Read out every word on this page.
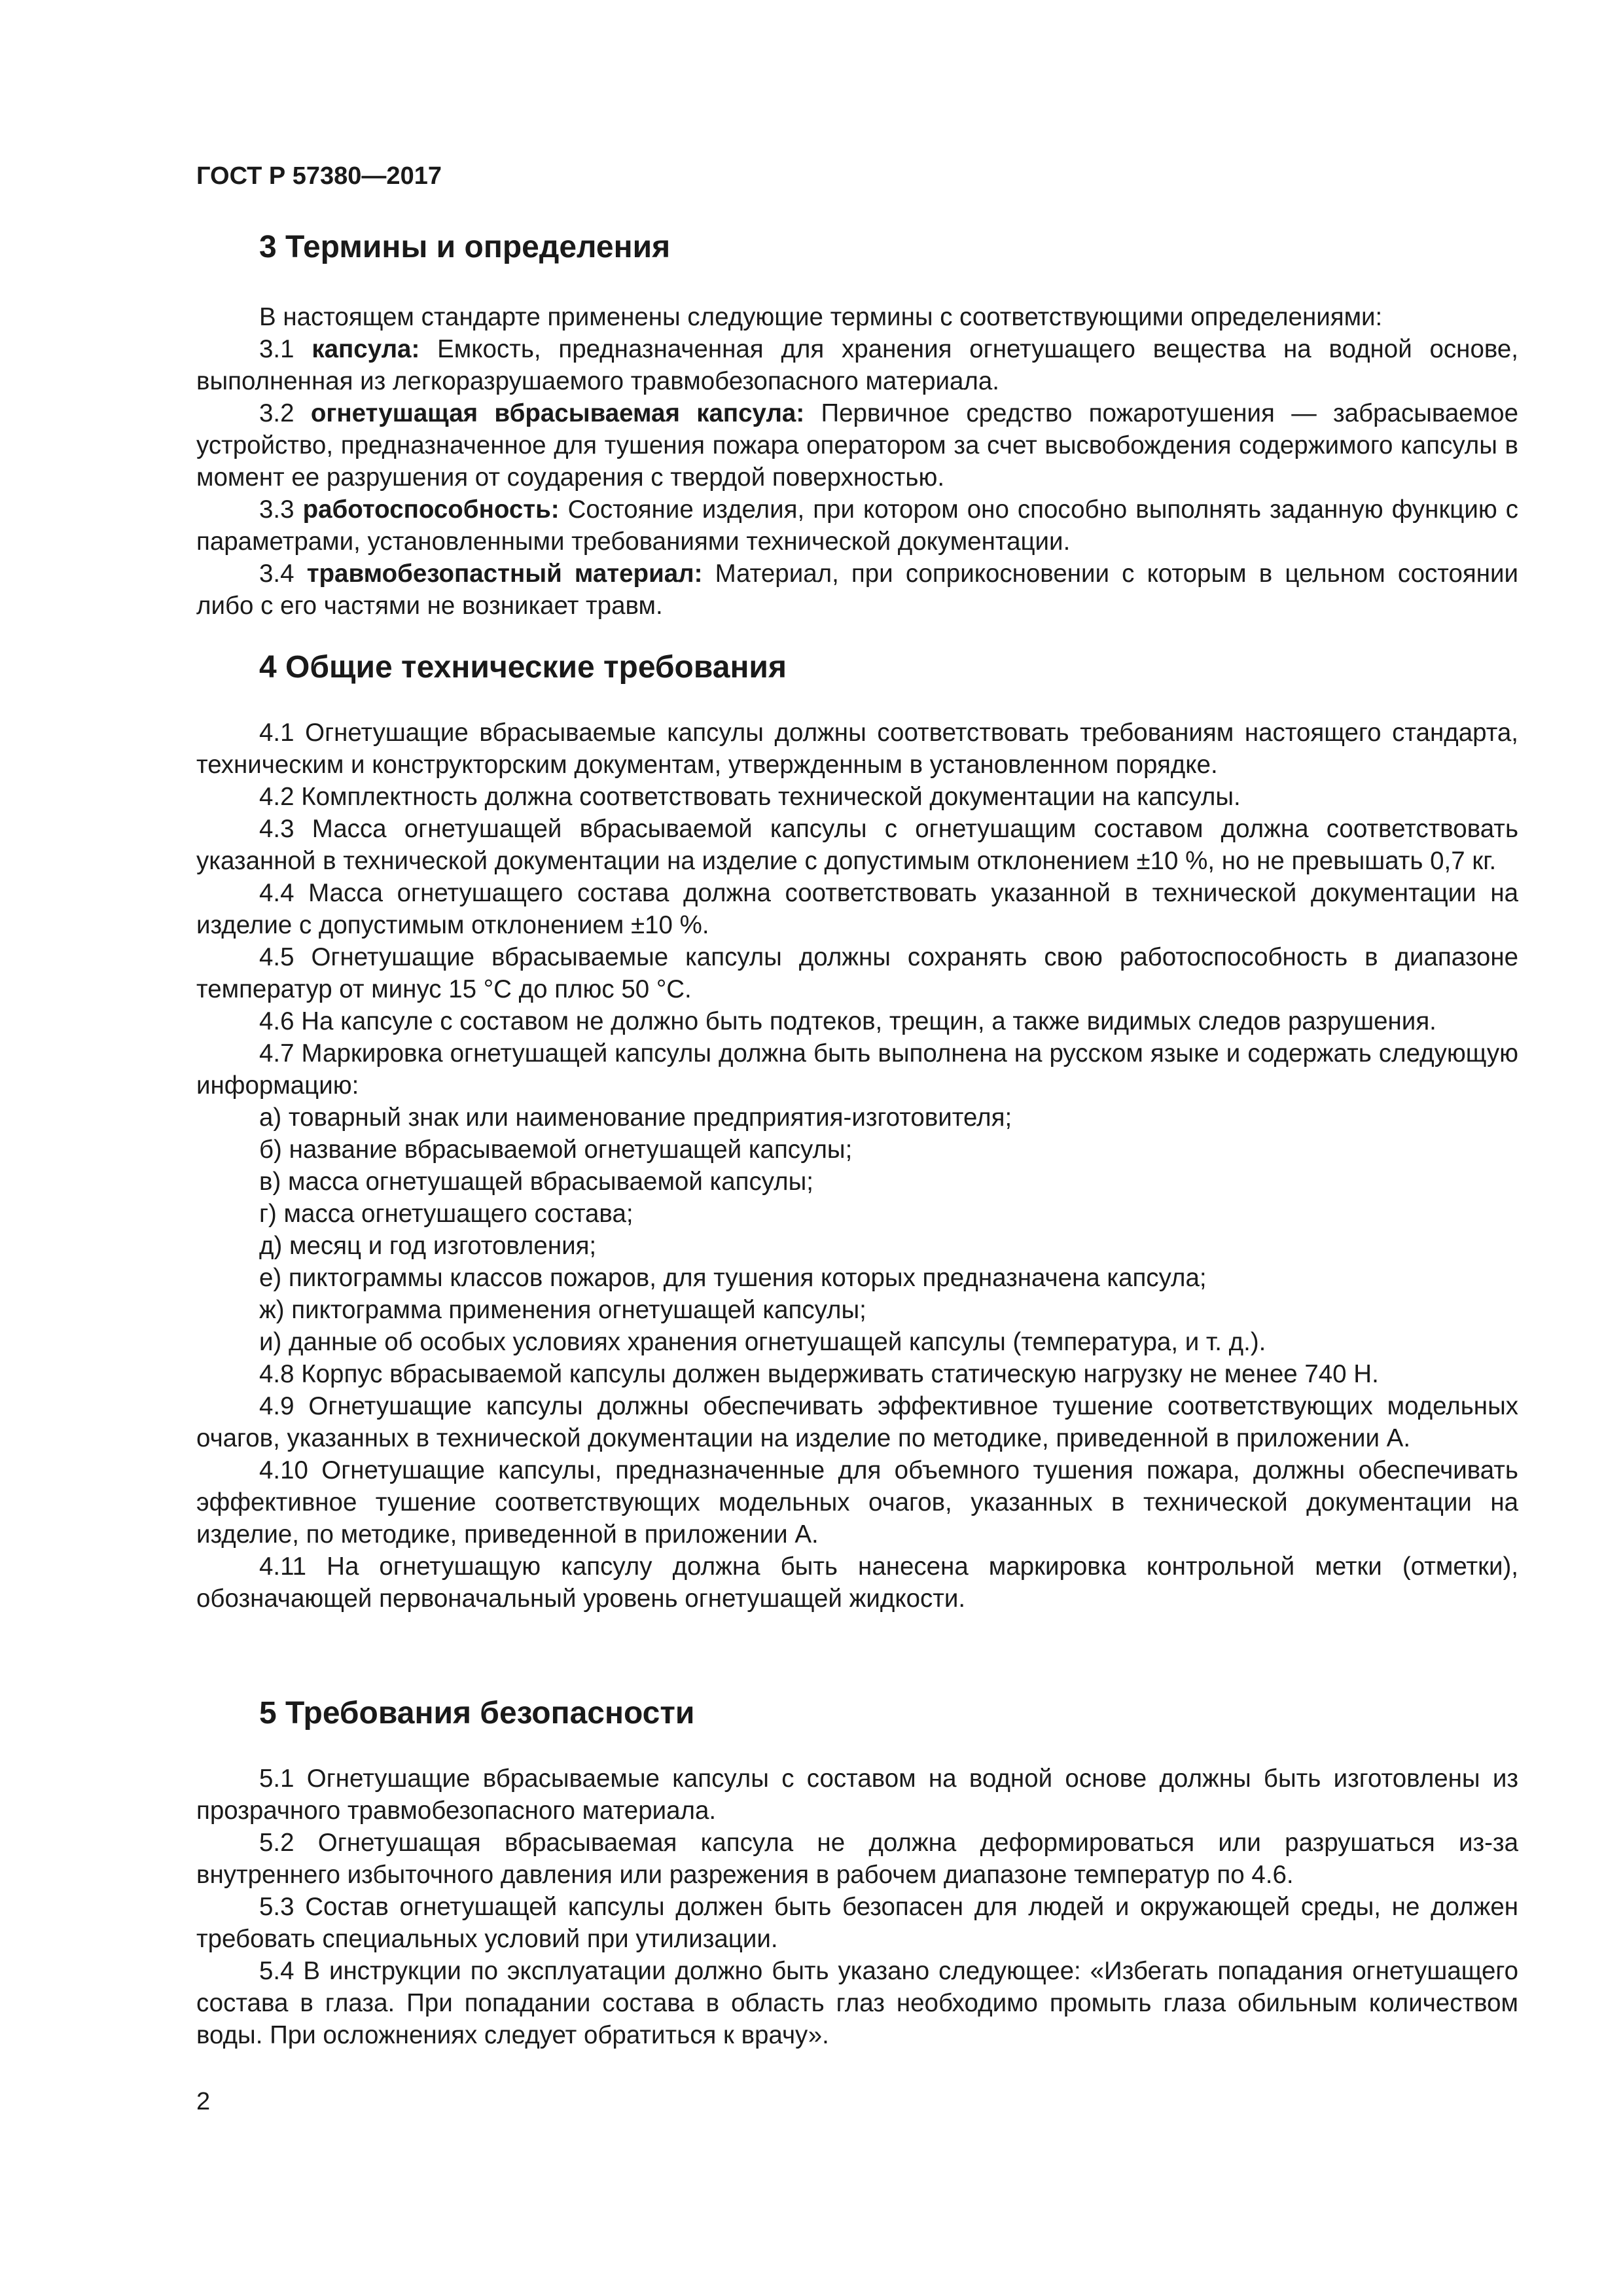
ГОСТ Р 57380—2017
3 Термины и определения

В настоящем стандарте применены следующие термины с соответствующими определениями:

3.1 капсула: Емкость, предназначенная для хранения огнетушащего вещества на водной основе, выполненная из легкоразрушаемого травмобезопасного материала.

3.2 огнетушащая вбрасываемая капсула: Первичное средство пожаротушения — забрасываемое устройство, предназначенное для тушения пожара оператором за счет высвобождения содержимого капсулы в момент ее разрушения от соударения с твердой поверхностью.

3.3 работоспособность: Состояние изделия, при котором оно способно выполнять заданную функцию с параметрами, установленными требованиями технической документации.

3.4 травмобезопастный материал: Материал, при соприкосновении с которым в цельном состоянии либо с его частями не возникает травм.

4 Общие технические требования

4.1 Огнетушащие вбрасываемые капсулы должны соответствовать требованиям настоящего стандарта, техническим и конструкторским документам, утвержденным в установленном порядке.

4.2 Комплектность должна соответствовать технической документации на капсулы.

4.3 Масса огнетушащей вбрасываемой капсулы с огнетушащим составом должна соответствовать указанной в технической документации на изделие с допустимым отклонением ±10 %, но не превышать 0,7 кг.

4.4 Масса огнетушащего состава должна соответствовать указанной в технической документации на изделие с допустимым отклонением ±10 %.

4.5 Огнетушащие вбрасываемые капсулы должны сохранять свою работоспособность в диапазоне температур от минус 15 °С до плюс 50 °С.

4.6 На капсуле с составом не должно быть подтеков, трещин, а также видимых следов разрушения.

4.7 Маркировка огнетушащей капсулы должна быть выполнена на русском языке и содержать следующую информацию:

а) товарный знак или наименование предприятия-изготовителя;

б) название вбрасываемой огнетушащей капсулы;

в) масса огнетушащей вбрасываемой капсулы;

г) масса огнетушащего состава;

д) месяц и год изготовления;

е) пиктограммы классов пожаров, для тушения которых предназначена капсула;

ж) пиктограмма применения огнетушащей капсулы;

и) данные об особых условиях хранения огнетушащей капсулы (температура, и т. д.).

4.8 Корпус вбрасываемой капсулы должен выдерживать статическую нагрузку не менее 740 Н.

4.9 Огнетушащие капсулы должны обеспечивать эффективное тушение соответствующих модельных очагов, указанных в технической документации на изделие по методике, приведенной в приложении А.

4.10 Огнетушащие капсулы, предназначенные для объемного тушения пожара, должны обеспечивать эффективное тушение соответствующих модельных очагов, указанных в технической документации на изделие, по методике, приведенной в приложении А.

4.11 На огнетушащую капсулу должна быть нанесена маркировка контрольной метки (отметки), обозначающей первоначальный уровень огнетушащей жидкости.

5 Требования безопасности

5.1 Огнетушащие вбрасываемые капсулы с составом на водной основе должны быть изготовлены из прозрачного травмобезопасного материала.

5.2 Огнетушащая вбрасываемая капсула не должна деформироваться или разрушаться из-за внутреннего избыточного давления или разрежения в рабочем диапазоне температур по 4.6.

5.3 Состав огнетушащей капсулы должен быть безопасен для людей и окружающей среды, не должен требовать специальных условий при утилизации.

5.4 В инструкции по эксплуатации должно быть указано следующее: «Избегать попадания огнетушащего состава в глаза. При попадании состава в область глаз необходимо промыть глаза обильным количеством воды. При осложнениях следует обратиться к врачу».

2
